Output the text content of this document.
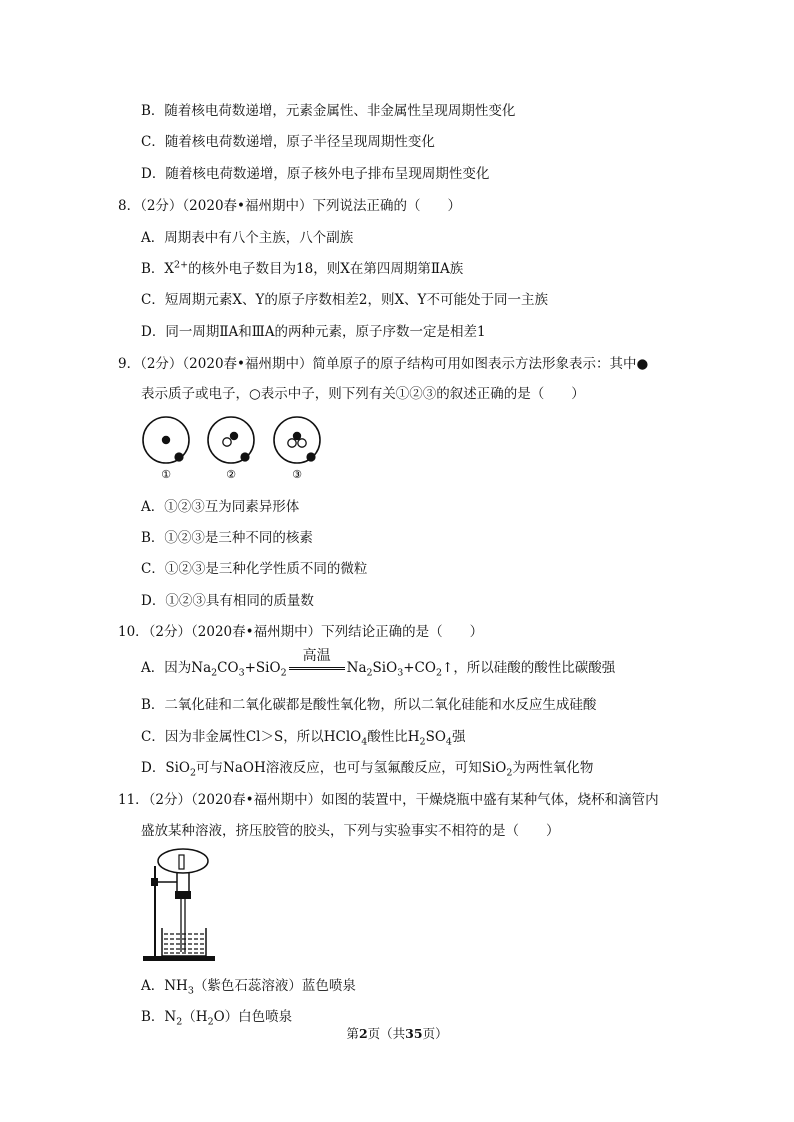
B．随着核电荷数递增，元素金属性、非金属性呈现周期性变化
C．随着核电荷数递增，原子半径呈现周期性变化
D．随着核电荷数递增，原子核外电子排布呈现周期性变化
8．（2分）（2020春•福州期中）下列说法正确的（　　）
A．周期表中有八个主族，八个副族
B．$X^{2+}$的核外电子数目为18，则X在第四周期第ⅡA族
C．短周期元素X、Y的原子序数相差2，则X、Y不可能处于同一主族
D．同一周期ⅡA和ⅢA的两种元素，原子序数一定是相差1
9．（2分）（2020春•福州期中）简单原子的原子结构可用如图表示方法形象表示：其中●
表示质子或电子，○表示中子，则下列有关①②③的叙述正确的是（　　）
①	②	③
A．①②③互为同素异形体
B．①②③是三种不同的核素
C．①②③是三种化学性质不同的微粒
D．①②③具有相同的质量数
10．（2分）（2020春•福州期中）下列结论正确的是（　　）
A．因为$Na_2CO_3+SiO_2$
高温
$Na_2SiO_3+CO_2↑$，所以硅酸的酸性比碳酸强
B．二氧化硅和二氧化碳都是酸性氧化物，所以二氧化硅能和水反应生成硅酸
C．因为非金属性Cl＞S，所以HClO$_4$酸性比$H_2SO_4$强
D．SiO$_2$可与NaOH溶液反应，也可与氢氟酸反应，可知SiO$_2$为两性氧化物
11．（2分）（2020春•福州期中）如图的装置中，干燥烧瓶中盛有某种气体，烧杯和滴管内
盛放某种溶液，挤压胶管的胶头，下列与实验事实不相符的是（　　）
A．$NH_3$（紫色石蕊溶液）蓝色喷泉
B．$N_2(H_2O)$白色喷泉
第2页（共35页）
